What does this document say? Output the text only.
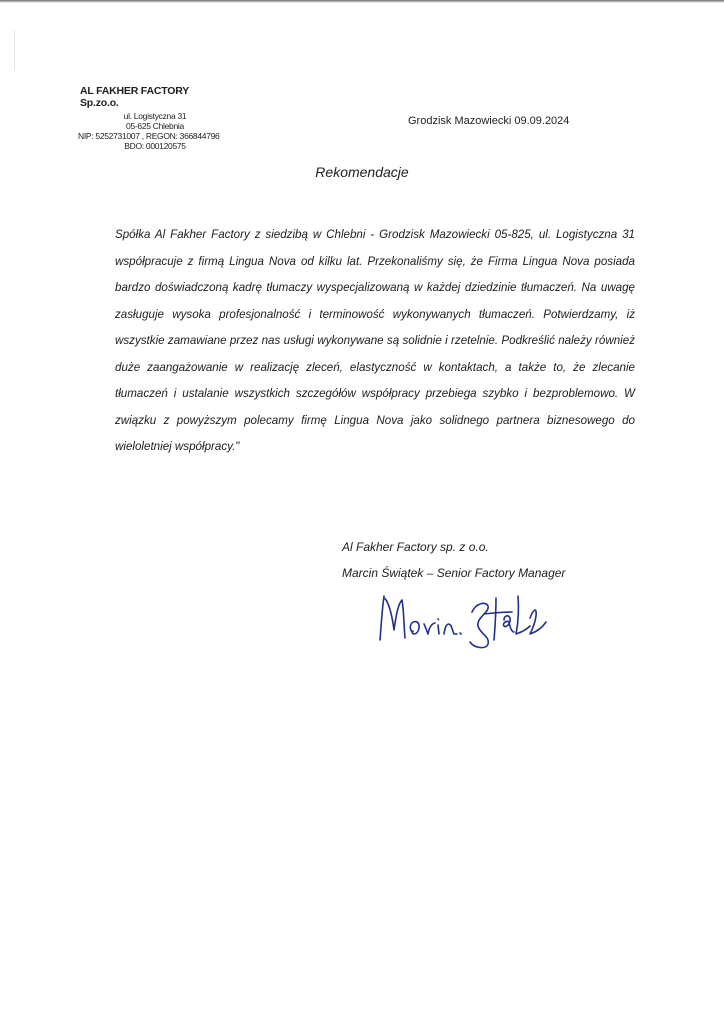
AL FAKHER FACTORY Sp.zo.o.
ul. Logistyczna 31
05-625 Chlebnia
NIP: 5252731007 , REGON: 366844796
BDO: 000120575
Grodzisk Mazowiecki 09.09.2024
Rekomendacje
Spółka Al Fakher Factory z siedzibą w Chlebni - Grodzisk Mazowiecki 05-825, ul. Logistyczna 31 współpracuje z firmą Lingua Nova od kilku lat. Przekonaliśmy się, że Firma Lingua Nova posiada bardzo doświadczoną kadrę tłumaczy wyspecjalizowaną w każdej dziedzinie tłumaczeń. Na uwagę zasługuje wysoka profesjonalność i terminowość wykonywanych tłumaczeń. Potwierdzamy, iż wszystkie zamawiane przez nas usługi wykonywane są solidnie i rzetelnie. Podkreślić należy również duże zaangażowanie w realizację zleceń, elastyczność w kontaktach, a także to, że zlecanie tłumaczeń i ustalanie wszystkich szczegółów współpracy przebiega szybko i bezproblemowo. W związku z powyższym polecamy firmę Lingua Nova jako solidnego partnera biznesowego do wieloletniej współpracy."
Al Fakher Factory sp. z o.o.
Marcin Świątek – Senior Factory Manager
